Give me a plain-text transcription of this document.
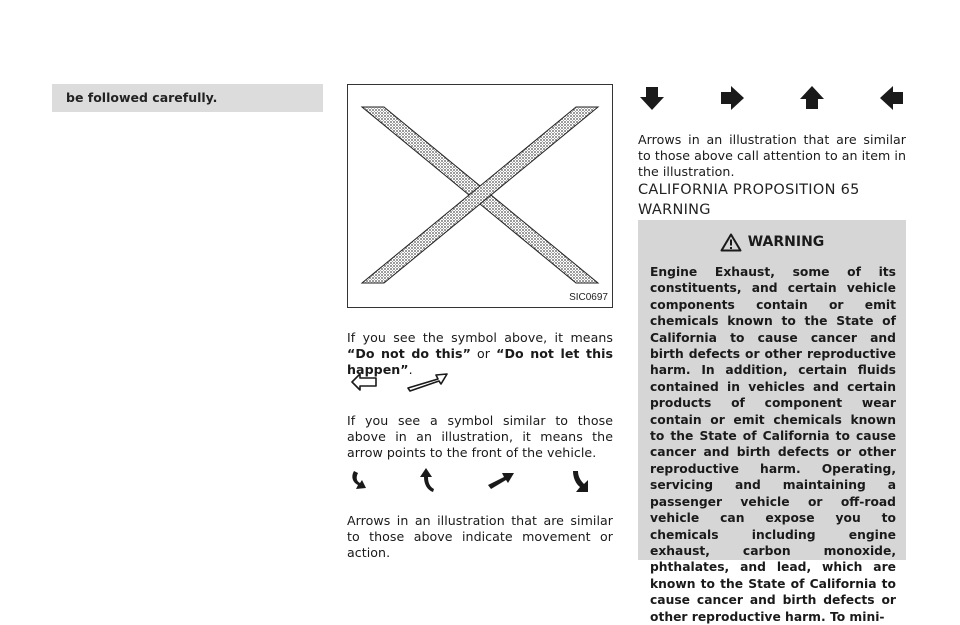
be followed carefully.
SIC0697

If you see the symbol above, it means “Do not do this” or “Do not let this happen”.

If you see a symbol similar to those above in an illustration, it means the arrow points to the front of the vehicle.

Arrows in an illustration that are similar to those above indicate movement or action.

Arrows in an illustration that are similar to those above call attention to an item in the illustration.

CALIFORNIA PROPOSITION 65
WARNING
WARNING

Engine Exhaust, some of its constituents, and certain vehicle components contain or emit chemicals known to the State of California to cause cancer and birth defects or other reproductive harm. In addition, certain fluids contained in vehicles and certain products of component wear contain or emit chemicals known to the State of California to cause cancer and birth defects or other reproductive harm. Operating, servicing and maintaining a passenger vehicle or off-road vehicle can expose you to chemicals including engine exhaust, carbon monoxide, phthalates, and lead, which are known to the State of California to cause cancer and birth defects or other reproductive harm. To mini-
